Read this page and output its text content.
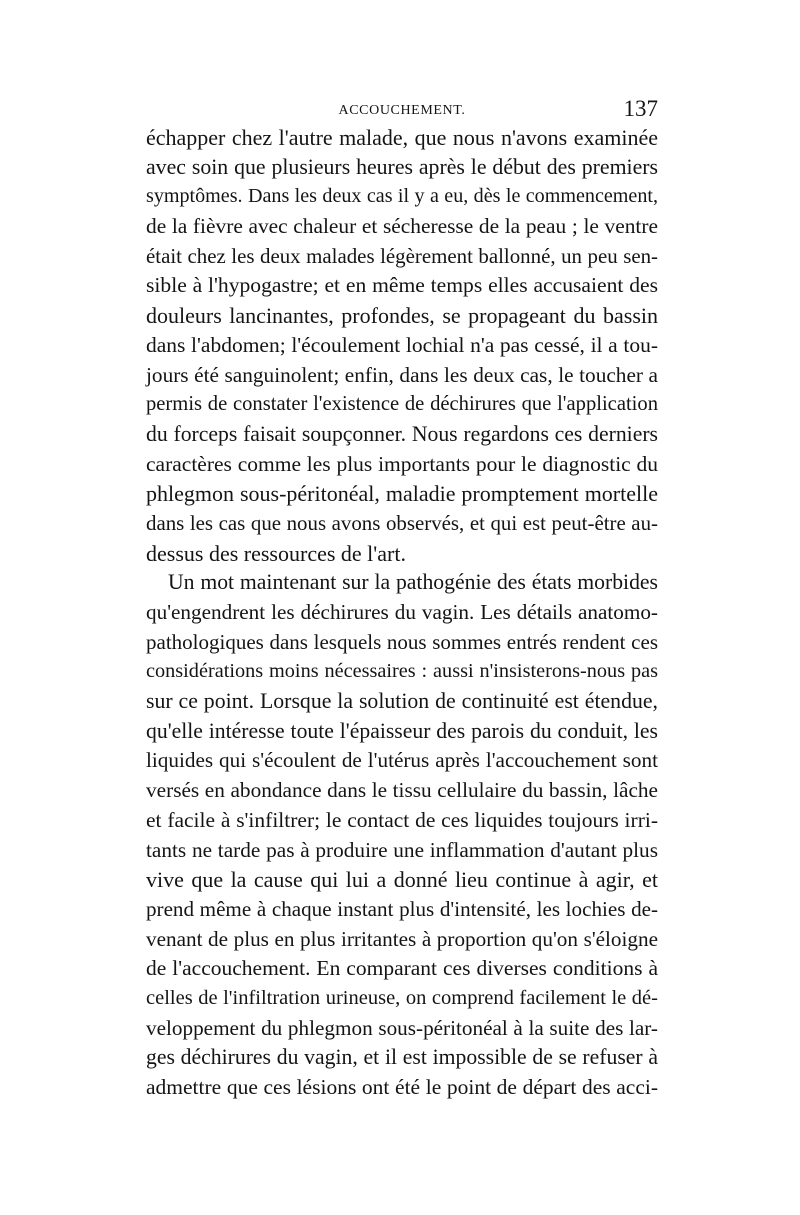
ACCOUCHEMENT.	137
échapper chez l'autre malade, que nous n'avons examinée
avec soin que plusieurs heures après le début des premiers
symptômes. Dans les deux cas il y a eu, dès le commencement,
de la fièvre avec chaleur et sécheresse de la peau ; le ventre
était chez les deux malades légèrement ballonné, un peu sen-
sible à l'hypogastre; et en même temps elles accusaient des
douleurs lancinantes, profondes, se propageant du bassin
dans l'abdomen; l'écoulement lochial n'a pas cessé, il a tou-
jours été sanguinolent; enfin, dans les deux cas, le toucher a
permis de constater l'existence de déchirures que l'application
du forceps faisait soupçonner. Nous regardons ces derniers
caractères comme les plus importants pour le diagnostic du
phlegmon sous-péritonéal, maladie promptement mortelle
dans les cas que nous avons observés, et qui est peut-être au-
dessus des ressources de l'art.
Un mot maintenant sur la pathogénie des états morbides
qu'engendrent les déchirures du vagin. Les détails anatomo-
pathologiques dans lesquels nous sommes entrés rendent ces
considérations moins nécessaires : aussi n'insisterons-nous pas
sur ce point. Lorsque la solution de continuité est étendue,
qu'elle intéresse toute l'épaisseur des parois du conduit, les
liquides qui s'écoulent de l'utérus après l'accouchement sont
versés en abondance dans le tissu cellulaire du bassin, lâche
et facile à s'infiltrer; le contact de ces liquides toujours irri-
tants ne tarde pas à produire une inflammation d'autant plus
vive que la cause qui lui a donné lieu continue à agir, et
prend même à chaque instant plus d'intensité, les lochies de-
venant de plus en plus irritantes à proportion qu'on s'éloigne
de l'accouchement. En comparant ces diverses conditions à
celles de l'infiltration urineuse, on comprend facilement le dé-
veloppement du phlegmon sous-péritonéal à la suite des lar-
ges déchirures du vagin, et il est impossible de se refuser à
admettre que ces lésions ont été le point de départ des acci-
